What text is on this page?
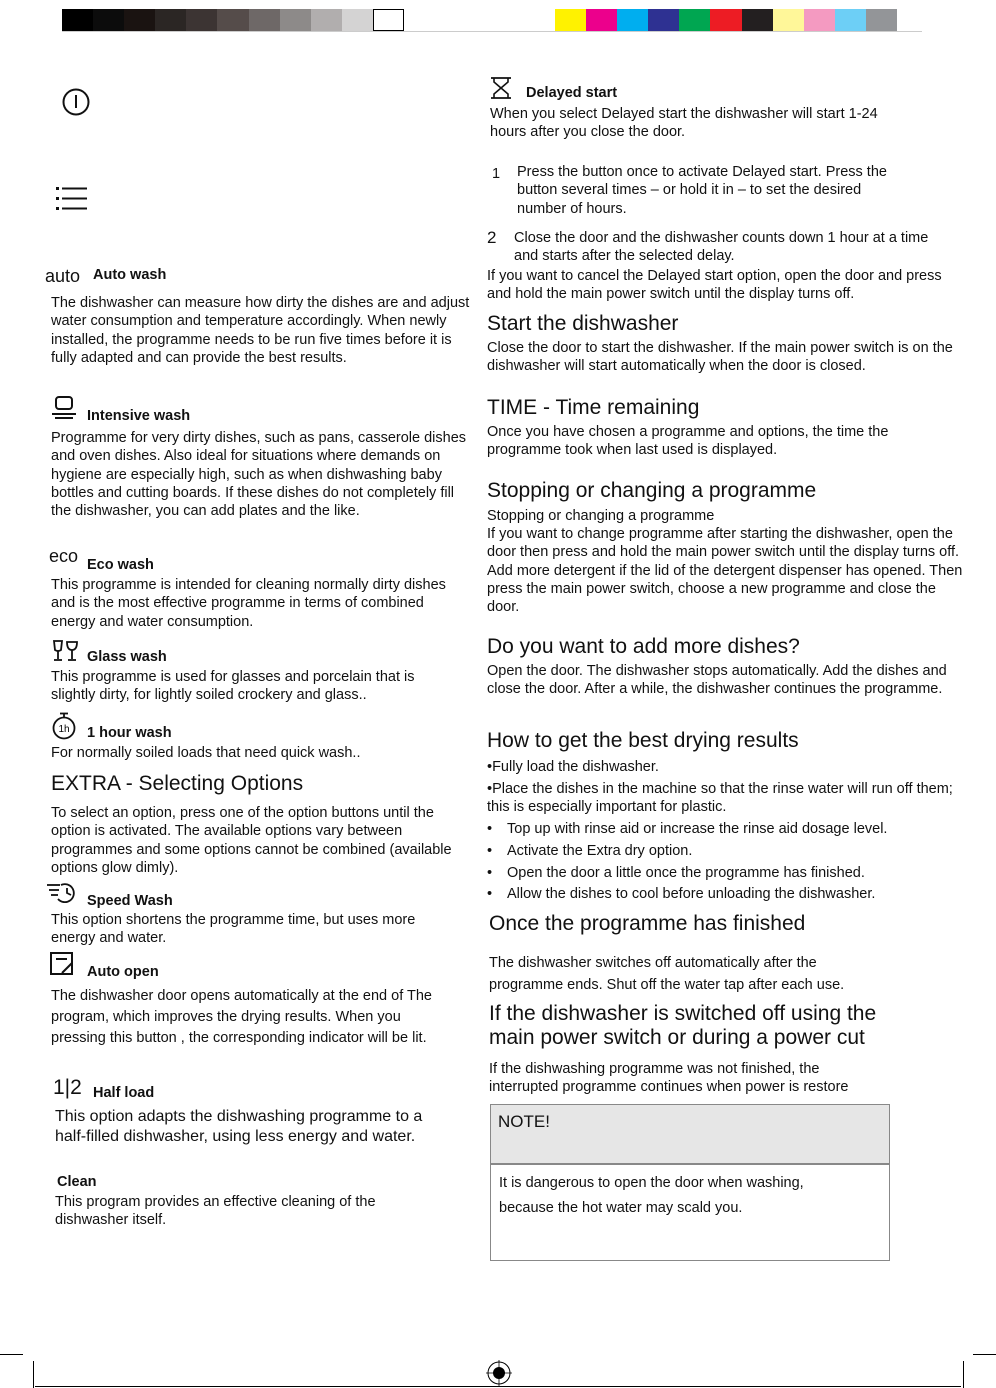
auto Auto wash
The dishwasher can measure how dirty the dishes are and adjust water consumption and temperature accordingly. When newly installed, the programme needs to be run five times before it is fully adapted and can provide the best results.
Intensive wash
Programme for very dirty dishes, such as pans, casserole dishes and oven dishes. Also ideal for situations where demands on hygiene are especially high, such as when dishwashing baby bottles and cutting boards. If these dishes do not completely fill the dishwasher, you can add plates and the like.
eco Eco wash
This programme is intended for cleaning normally dirty dishes and is the most effective programme in terms of combined energy and water consumption.
Glass wash
This programme is used for glasses and porcelain that is slightly dirty, for lightly soiled crockery and glass..
1h 1 hour wash
For normally soiled loads that need quick wash..
EXTRA - Selecting Options
To select an option, press one of the option buttons until the option is activated. The available options vary between programmes and some options cannot be combined (available options glow dimly).
Speed Wash
This option shortens the programme time, but uses more energy and water.
Auto open
The dishwasher door opens automatically at the end of The program, which improves the drying results. When you pressing this button , the corresponding indicator will be lit.
1|2 Half load
This option adapts the dishwashing programme to a half-filled dishwasher, using less energy and water.
Clean
This program provides an effective cleaning of the dishwasher itself.
Delayed start
When you select Delayed start the dishwasher will start 1-24 hours after you close the door.
1 Press the button once to activate Delayed start. Press the button several times – or hold it in – to set the desired number of hours.
2 Close the door and the dishwasher counts down 1 hour at a time and starts after the selected delay.
If you want to cancel the Delayed start option, open the door and press and hold the main power switch until the display turns off.
Start the dishwasher
Close the door to start the dishwasher. If the main power switch is on the dishwasher will start automatically when the door is closed.
TIME - Time remaining
Once you have chosen a programme and options, the time the programme took when last used is displayed.
Stopping or changing a programme
Stopping or changing a programme
If you want to change programme after starting the dishwasher, open the door then press and hold the main power switch until the display turns off. Add more detergent if the lid of the detergent dispenser has opened. Then press the main power switch, choose a new programme and close the door.
Do you want to add more dishes?
Open the door. The dishwasher stops automatically. Add the dishes and close the door. After a while, the dishwasher continues the programme.
How to get the best drying results
•Fully load the dishwasher.
•Place the dishes in the machine so that the rinse water will run off them; this is especially important for plastic.
• Top up with rinse aid or increase the rinse aid dosage level.
• Activate the Extra dry option.
• Open the door a little once the programme has finished.
• Allow the dishes to cool before unloading the dishwasher.
Once the programme has finished
The dishwasher switches off automatically after the programme ends. Shut off the water tap after each use.
If the dishwasher is switched off using the main power switch or during a power cut
If the dishwashing programme was not finished, the interrupted programme continues when power is restore
NOTE!
It is dangerous to open the door when washing, because the hot water may scald you.
